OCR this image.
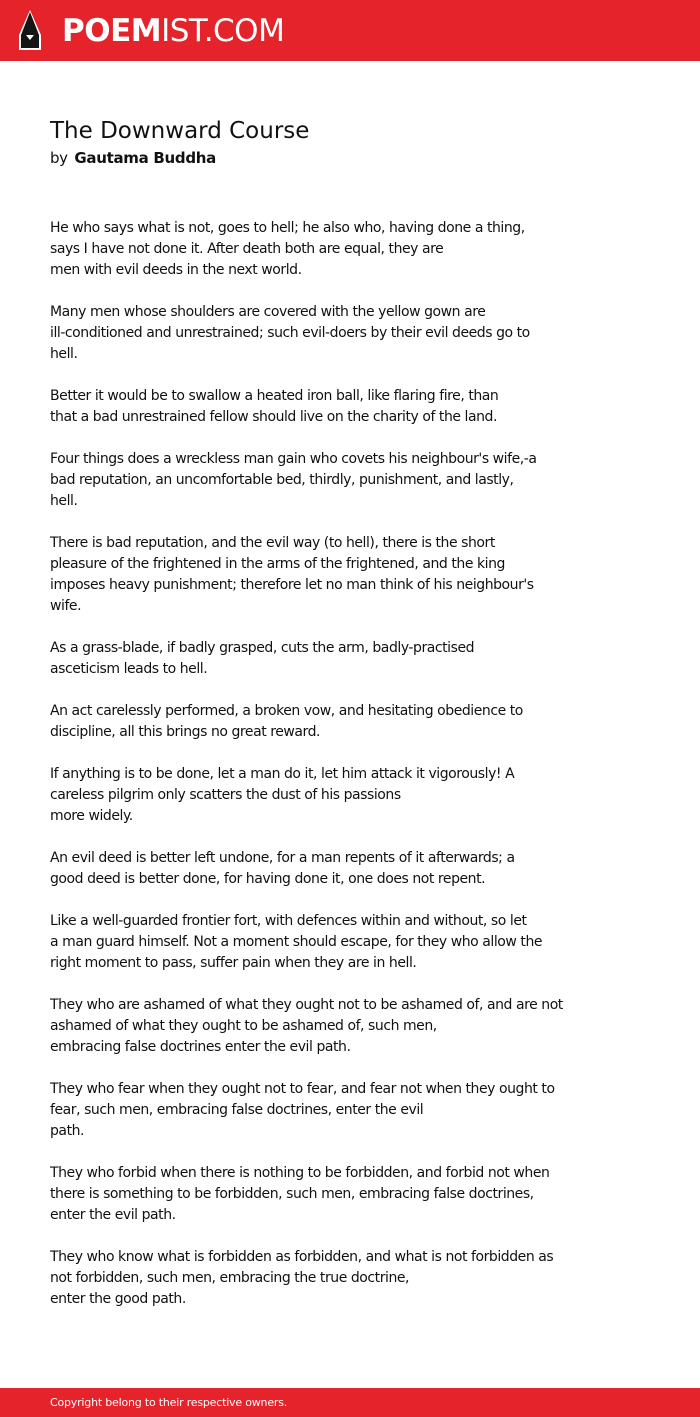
POEMIST.COM
The Downward Course
by Gautama Buddha
He who says what is not, goes to hell; he also who, having done a thing,
says I have not done it. After death both are equal, they are
men with evil deeds in the next world.
Many men whose shoulders are covered with the yellow gown are
ill-conditioned and unrestrained; such evil-doers by their evil deeds go to
hell.
Better it would be to swallow a heated iron ball, like flaring fire, than
that a bad unrestrained fellow should live on the charity of the land.
Four things does a wreckless man gain who covets his neighbour's wife,-a
bad reputation, an uncomfortable bed, thirdly, punishment, and lastly,
hell.
There is bad reputation, and the evil way (to hell), there is the short
pleasure of the frightened in the arms of the frightened, and the king
imposes heavy punishment; therefore let no man think of his neighbour's
wife.
As a grass-blade, if badly grasped, cuts the arm, badly-practised
asceticism leads to hell.
An act carelessly performed, a broken vow, and hesitating obedience to
discipline, all this brings no great reward.
If anything is to be done, let a man do it, let him attack it vigorously! A
careless pilgrim only scatters the dust of his passions
more widely.
An evil deed is better left undone, for a man repents of it afterwards; a
good deed is better done, for having done it, one does not repent.
Like a well-guarded frontier fort, with defences within and without, so let
a man guard himself. Not a moment should escape, for they who allow the
right moment to pass, suffer pain when they are in hell.
They who are ashamed of what they ought not to be ashamed of, and are not
ashamed of what they ought to be ashamed of, such men,
embracing false doctrines enter the evil path.
They who fear when they ought not to fear, and fear not when they ought to
fear, such men, embracing false doctrines, enter the evil
path.
They who forbid when there is nothing to be forbidden, and forbid not when
there is something to be forbidden, such men, embracing false doctrines,
enter the evil path.
They who know what is forbidden as forbidden, and what is not forbidden as
not forbidden, such men, embracing the true doctrine,
enter the good path.
Copyright belong to their respective owners.
